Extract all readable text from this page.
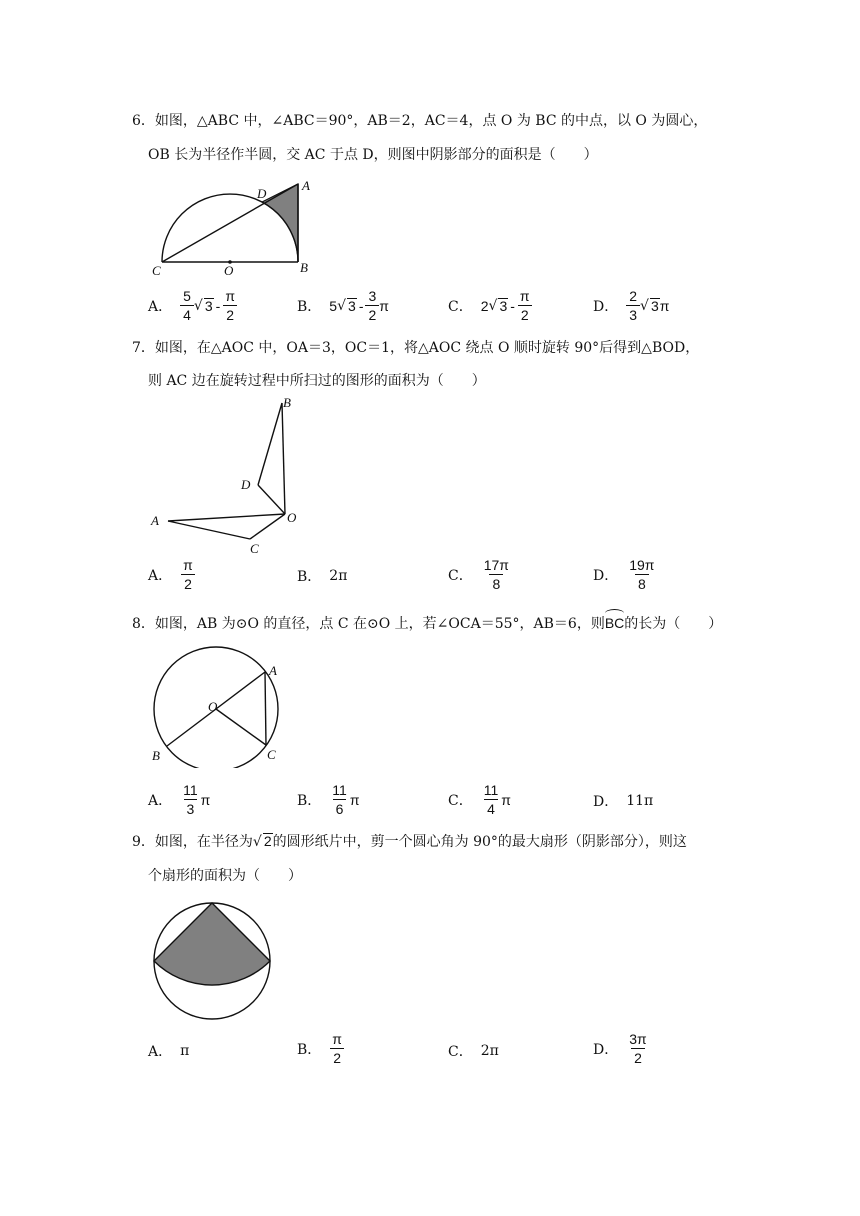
6．如图，△ABC 中，∠ABC＝90°，AB＝2，AC＝4，点 O 为 BC 的中点，以 O 为圆心，
OB 长为半径作半圆，交 AC 于点 D，则图中阴影部分的面积是（　　）
D
A
C	O	B
A． $\frac{5}{4}$ √ $3 - \frac{\pi}{2}$	B． 5 √ $3 - \frac{3}{2}$ π	C． 2 √ $3 - \frac{\pi}{2}$	D． $\frac{2}{3}$ √ 3 π
7．如图，在△AOC 中，OA＝3，OC＝1，将△AOC 绕点 O 顺时旋转 90°后得到△BOD，
则 AC 边在旋转过程中所扫过的图形的面积为（　　）
B
D
A	O
C
A． $\frac{\pi}{2}$	B． 2π	C． $\frac{17\pi}{8}$	D． $\frac{19\pi}{8}$
8．如图，AB 为⊙O 的直径，点 C 在⊙O 上，若∠OCA＝55°，AB＝6，则BC的长为（　　）
A
O
B	C
A． $\frac{11}{3}$ π	B． $\frac{11}{6}$ π	C． $\frac{11}{4}$ π	D． 11π
9．如图，在半径为√ 2的圆形纸片中，剪一个圆心角为 90°的最大扇形（阴影部分），则这
个扇形的面积为（　　）
A． π	B． $\frac{\pi}{2}$	C． 2π	D． $\frac{3\pi}{2}$
